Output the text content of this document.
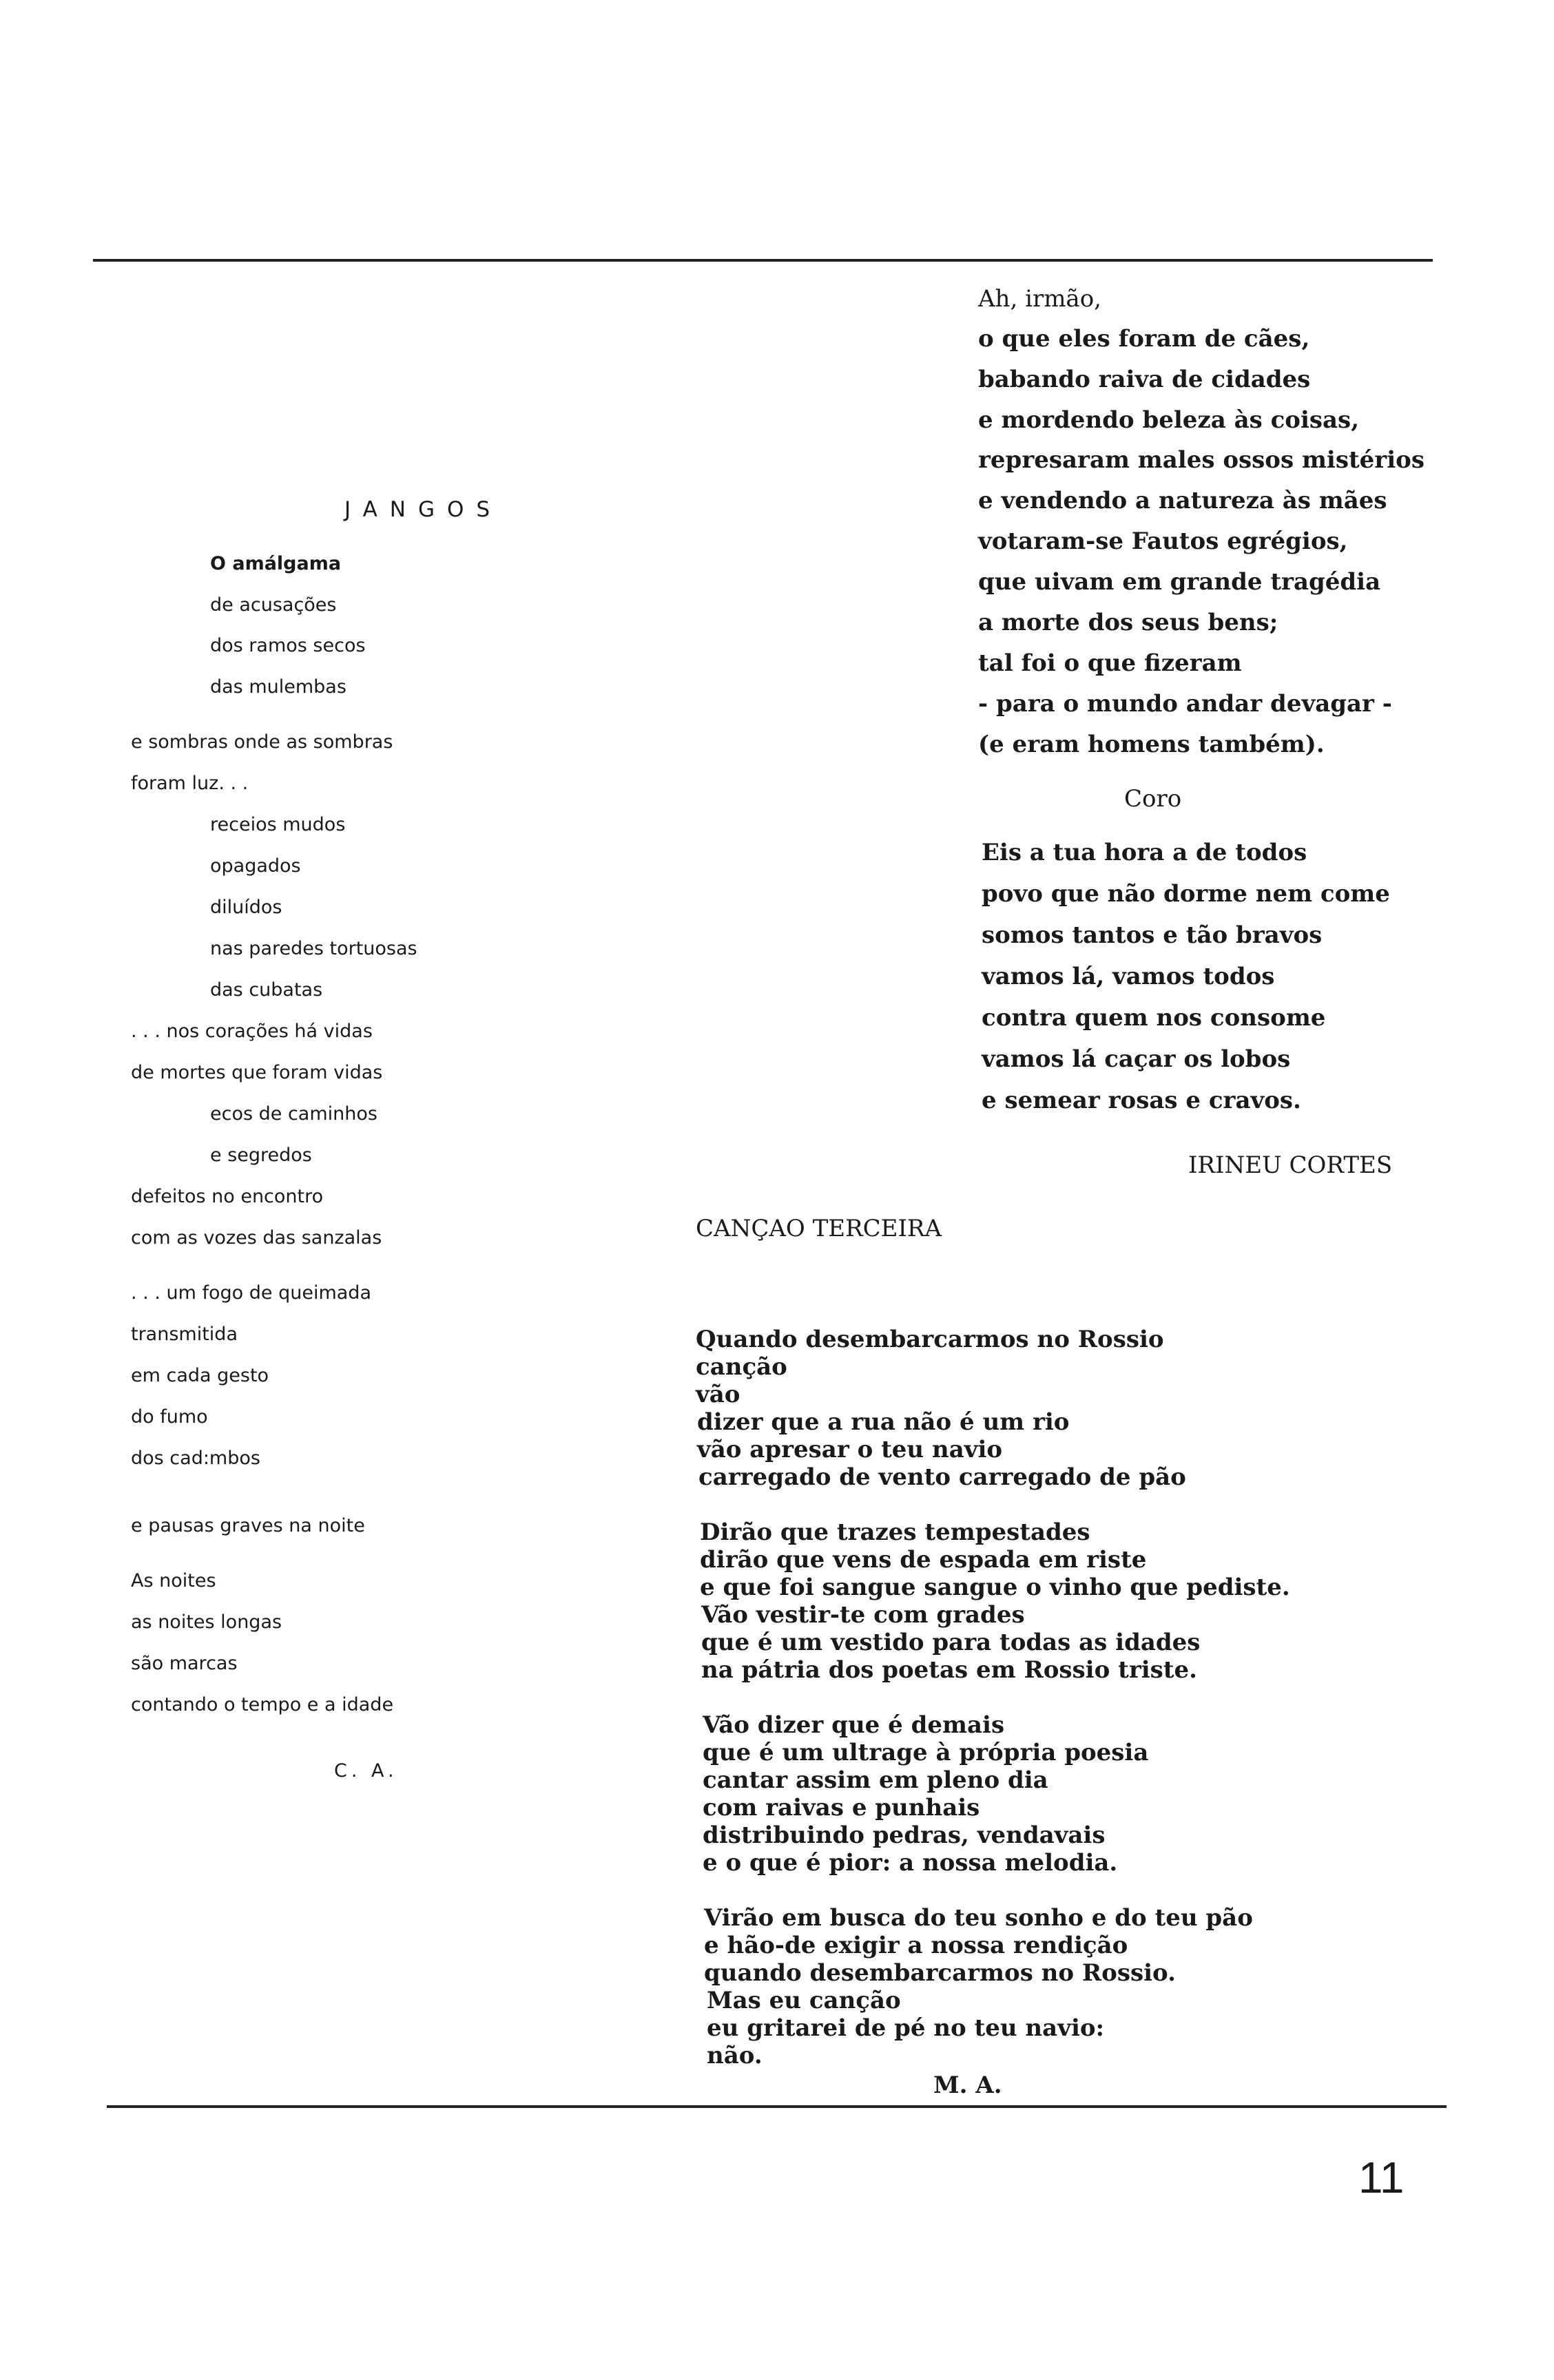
JANGOS
O amálgama
de acusações
dos ramos secos
das mulembas
e sombras onde as sombras
foram luz. . .
receios mudos
opagados
diluídos
nas paredes tortuosas
das cubatas
. . . nos corações há vidas
de mortes que foram vidas
ecos de caminhos
e segredos
defeitos no encontro
com as vozes das sanzalas
. . . um fogo de queimada
transmitida
em cada gesto
do fumo
dos cad:mbos
e pausas graves na noite
As noites
as noites longas
são marcas
contando o tempo e a idade
C. A.
Ah, irmão,
o que eles foram de cães,
babando raiva de cidades
e mordendo beleza às coisas,
represaram males ossos mistérios
e vendendo a natureza às mães
votaram-se Fautos egrégios,
que uivam em grande tragédia
a morte dos seus bens;
tal foi o que fizeram
- para o mundo andar devagar -
(e eram homens também).
Coro
Eis a tua hora a de todos
povo que não dorme nem come
somos tantos e tão bravos
vamos lá, vamos todos
contra quem nos consome
vamos lá caçar os lobos
e semear rosas e cravos.
IRINEU CORTES
CANÇAO TERCEIRA
Quando desembarcarmos no Rossio
canção
vão
dizer que a rua não é um rio
vão apresar o teu navio
carregado de vento carregado de pão
Dirão que trazes tempestades
dirão que vens de espada em riste
e que foi sangue sangue o vinho que pediste.
Vão vestir-te com grades
que é um vestido para todas as idades
na pátria dos poetas em Rossio triste.
Vão dizer que é demais
que é um ultrage à própria poesia
cantar assim em pleno dia
com raivas e punhais
distribuindo pedras, vendavais
e o que é pior: a nossa melodia.
Virão em busca do teu sonho e do teu pão
e hão-de exigir a nossa rendição
quando desembarcarmos no Rossio.
Mas eu canção
eu gritarei de pé no teu navio:
não.
M. A.
11
